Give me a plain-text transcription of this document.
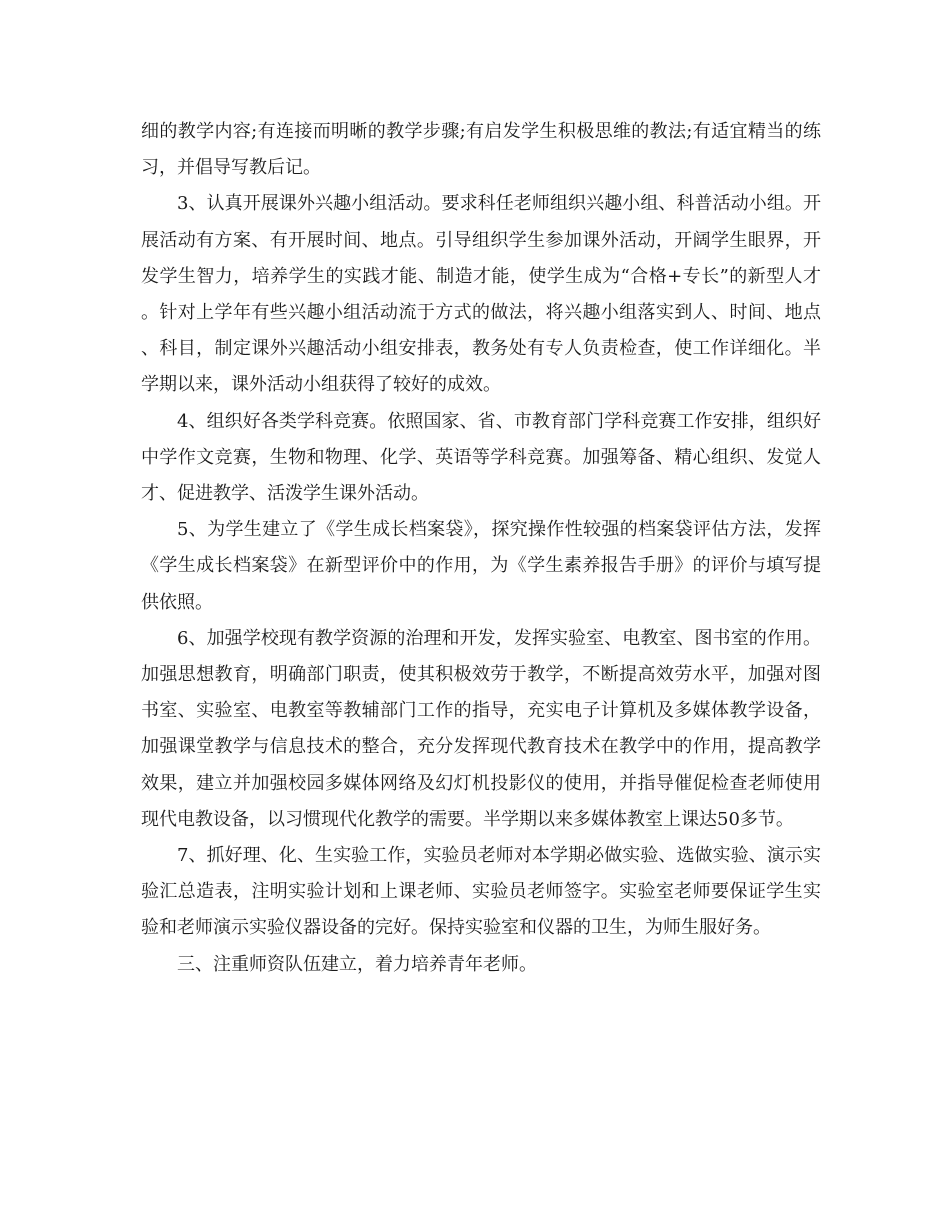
细的教学内容;有连接而明晰的教学步骤;有启发学生积极思维的教法;有适宜精当的练习，并倡导写教后记。

3、认真开展课外兴趣小组活动。要求科任老师组织兴趣小组、科普活动小组。开展活动有方案、有开展时间、地点。引导组织学生参加课外活动，开阔学生眼界，开发学生智力，培养学生的实践才能、制造才能，使学生成为“合格+专长”的新型人才。针对上学年有些兴趣小组活动流于方式的做法，将兴趣小组落实到人、时间、地点、科目，制定课外兴趣活动小组安排表，教务处有专人负责检查，使工作详细化。半学期以来，课外活动小组获得了较好的成效。

4、组织好各类学科竞赛。依照国家、省、市教育部门学科竞赛工作安排，组织好中学作文竞赛，生物和物理、化学、英语等学科竞赛。加强筹备、精心组织、发觉人才、促进教学、活泼学生课外活动。

5、为学生建立了《学生成长档案袋》，探究操作性较强的档案袋评估方法，发挥《学生成长档案袋》在新型评价中的作用，为《学生素养报告手册》的评价与填写提供依照。

6、加强学校现有教学资源的治理和开发，发挥实验室、电教室、图书室的作用。加强思想教育，明确部门职责，使其积极效劳于教学，不断提高效劳水平，加强对图书室、实验室、电教室等教辅部门工作的指导，充实电子计算机及多媒体教学设备，加强课堂教学与信息技术的整合，充分发挥现代教育技术在教学中的作用，提高教学效果，建立并加强校园多媒体网络及幻灯机投影仪的使用，并指导催促检查老师使用现代电教设备，以习惯现代化教学的需要。半学期以来多媒体教室上课达50多节。

7、抓好理、化、生实验工作，实验员老师对本学期必做实验、选做实验、演示实验汇总造表，注明实验计划和上课老师、实验员老师签字。实验室老师要保证学生实验和老师演示实验仪器设备的完好。保持实验室和仪器的卫生，为师生服好务。

三、注重师资队伍建立，着力培养青年老师。
